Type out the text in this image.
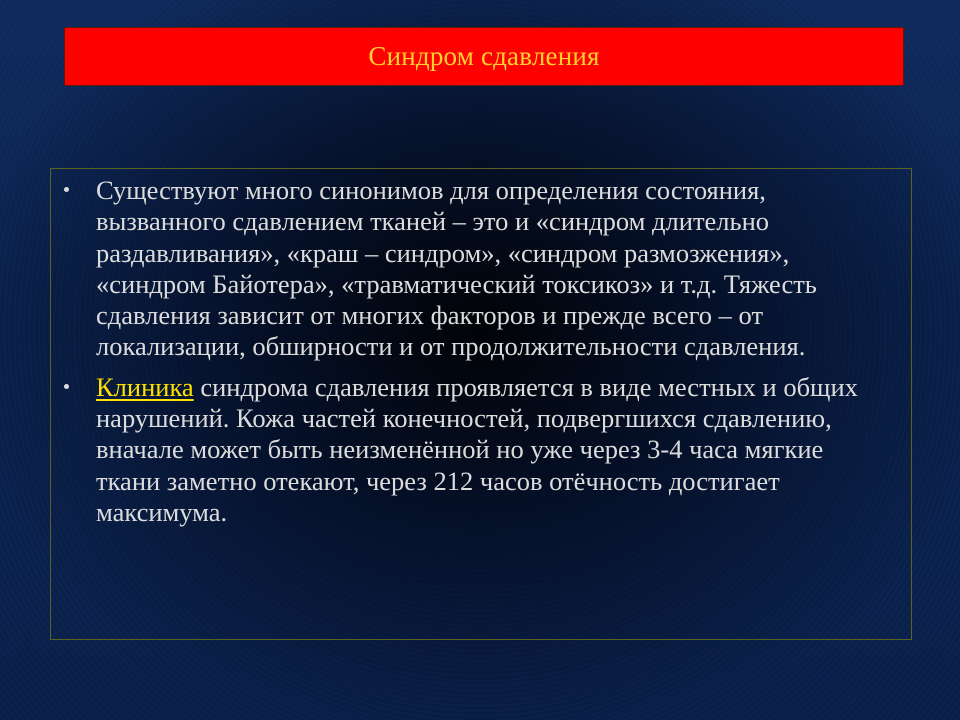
Синдром сдавления
Существуют много синонимов для определения состояния, вызванного сдавлением тканей – это и «синдром длительно раздавливания», «краш – синдром», «синдром размозжения», «синдром Байотера», «травматический токсикоз» и т.д. Тяжесть сдавления зависит от многих факторов и прежде всего – от локализации, обширности и от продолжительности сдавления.
Клиника синдрома сдавления проявляется в виде местных и общих нарушений. Кожа частей конечностей, подвергшихся сдавлению, вначале может быть неизменённой но уже через 3-4 часа мягкие ткани заметно отекают, через 212 часов отёчность достигает максимума.
